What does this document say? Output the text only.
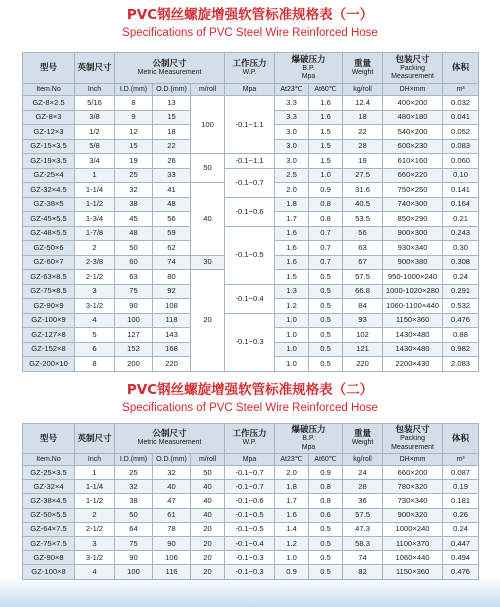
PVC钢丝螺旋增强软管标准规格表（一）
Specifications of PVC Steel Wire Reinforced Hose
型号	英制尺寸	公制尺寸
Metric Measurement			工作压力
W.P.	爆破压力
B.P.
Mpa		重量
Weight	包装尺寸
Packing Measurement	体积

Item.No	Inch	I.D.(mm)	O.D.(mm)	m/roll	Mpa	At23℃	At60℃	kg/roll	DH×mm	m³
GZ-8×2.5	5/16	8	13	100	-0.1~1.1	3.3	1.6	12.4	400×200	0.032
GZ-8×3	3/8	9	15			3.3	1.6	18	480×180	0.041
GZ-12×3	1/2	12	18			3.0	1.5	22	540×200	0.052
GZ-15×3.5	5/8	15	22			3.0	1.5	28	600×230	0.083
GZ-19×3.5	3/4	19	26	50	-0.1~1.1	3.0	1.5	19	610×160	0.060
GZ-25×4	1	25	33		-0.1~0.7	2.5	1.0	27.5	660×220	0.10
GZ-32×4.5	1-1/4	32	41	40		2.0	0.9	31.6	750×250	0.141
GZ-38×5	1-1/2	38	48		-0.1~0.6	1.8	0.8	40.5	740×300	0.164
GZ-45×5.5	1-3/4	45	56			1.7	0.8	53.5	850×290	0.21
GZ-48×5.5	1-7/8	48	59		-0.1~0.5	1.6	0.7	56	900×300	0.243
GZ-50×6	2	50	62			1.6	0.7	63	930×340	0.30
GZ-60×7	2-3/8	60	74	30		1.6	0.7	67	900×380	0.308
GZ-63×8.5	2-1/2	63	80	20		1.5	0.5	57.5	950-1000×240	0.24
GZ-75×8.5	3	75	92		-0.1~0.4	1.3	0.5	66.8	1000-1020×280	0.291
GZ-90×9	3-1/2	90	108			1.2	0.5	84	1060-1100×440	0.532
GZ-100×9	4	100	118		-0.1~0.3	1.0	0.5	93	1150×360	0.476
GZ-127×8	5	127	143			1.0	0.5	102	1430×480	0.88
GZ-152×8	6	152	168			1.0	0.5	121	1430×480	0.982
GZ-200×10	8	200	220			1.0	0.5	220	2200×430	2.083
PVC钢丝螺旋增强软管标准规格表（二）
Specifications of PVC Steel Wire Reinforced Hose
型号	英制尺寸	公制尺寸
Metric Measurement			工作压力
W.P.	爆破压力
B.P.
Mpa		重量
Weight	包装尺寸
Packing Measurement	体积

Item.No	Inch	I.D.(mm)	O.D.(mm)	m/roll	Mpa	At23℃	At60℃	kg/roll	DH×mm	m³
GZ-25×3.5	1	25	32	50	-0.1~0.7	2.0	0.9	24	660×200	0.087
GZ-32×4	1-1/4	32	40	40	-0.1~0.7	1.8	0.8	28	780×320	0.19
GZ-38×4.5	1-1/2	38	47	40	-0.1~0.6	1.7	0.8	36	730×340	0.181
GZ-50×5.5	2	50	61	40	-0.1~0.5	1.6	0.6	57.5	900×320	0.26
GZ-64×7.5	2-1/2	64	78	20	-0.1~0.5	1.4	0.5	47.3	1000×240	0.24
GZ-75×7.5	3	75	90	20	-0.1~0.4	1.2	0.5	58.3	1100×370	0.447
GZ-90×8	3-1/2	90	106	20	-0.1~0.3	1.0	0.5	74	1060×440	0.494
GZ-100×8	4	100	116	20	-0.1~0.3	0.9	0.5	82	1150×360	0.476
